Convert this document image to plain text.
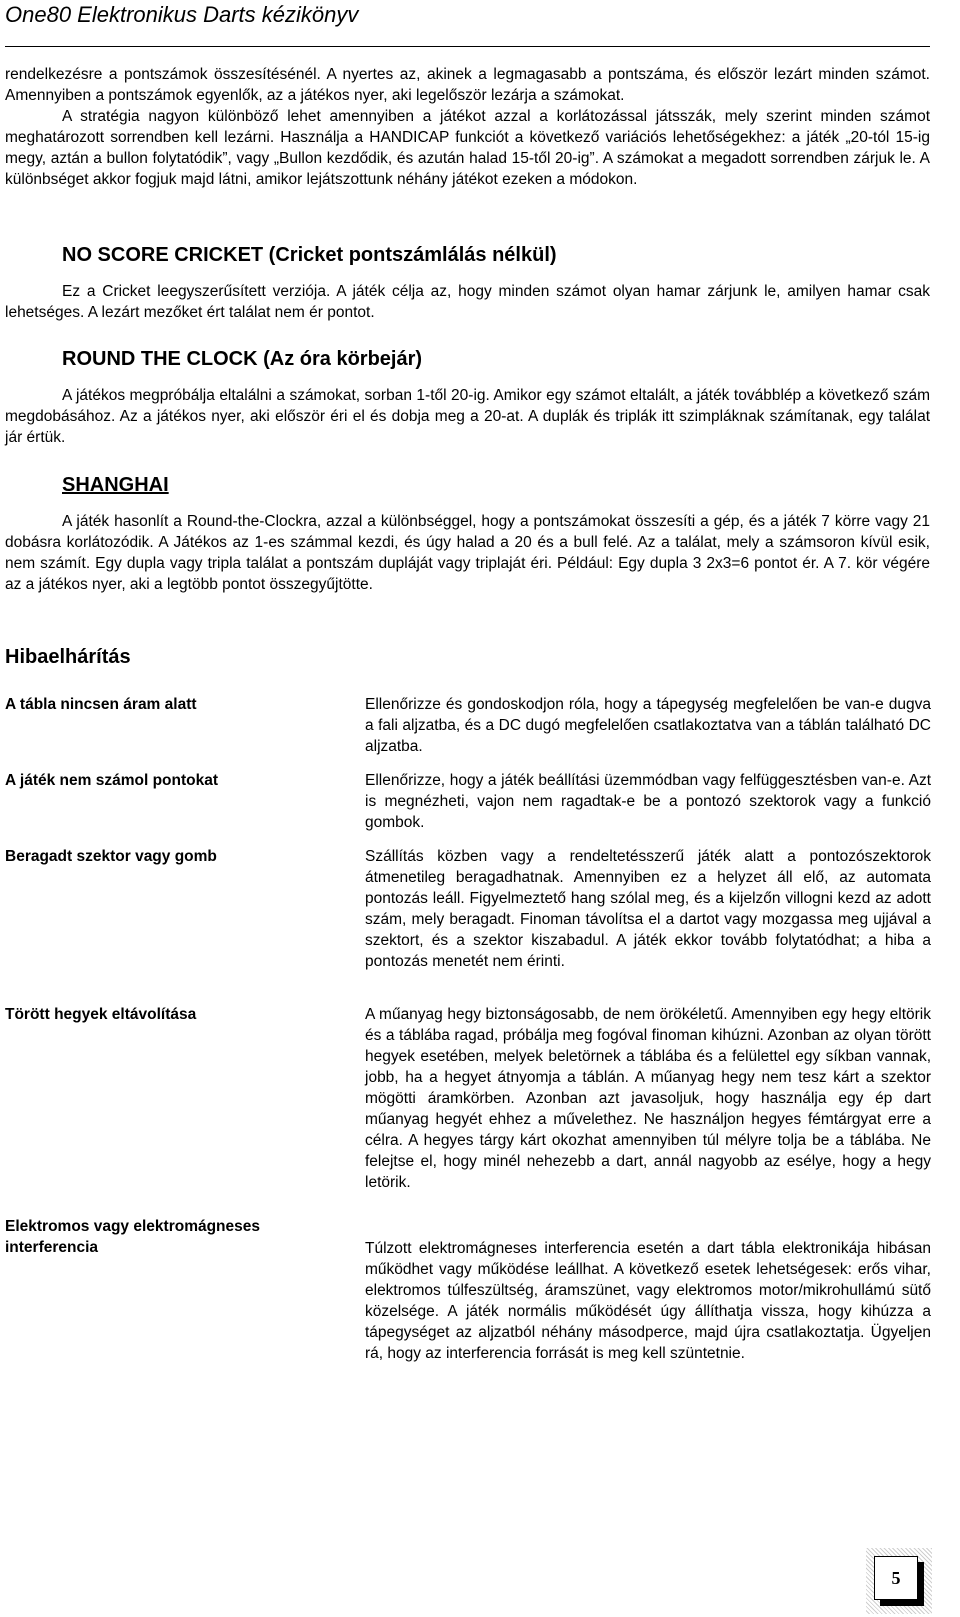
One80 Elektronikus Darts kézikönyv

rendelkezésre a pontszámok összesítésénél. A nyertes az, akinek a legmagasabb a pontszáma, és először lezárt minden számot. Amennyiben a pontszámok egyenlők, az a játékos nyer, aki legelőször lezárja a számokat.

A stratégia nagyon különböző lehet amennyiben a játékot azzal a korlátozással játsszák, mely szerint minden számot meghatározott sorrendben kell lezárni. Használja a HANDICAP funkciót a következő variációs lehetőségekhez: a játék „20-tól 15-ig megy, aztán a bullon folytatódik”, vagy „Bullon kezdődik, és azután halad 15-től 20-ig”. A számokat a megadott sorrendben zárjuk le. A különbséget akkor fogjuk majd látni, amikor lejátszottunk néhány játékot ezeken a módokon.

NO SCORE CRICKET (Cricket pontszámlálás nélkül)

Ez a Cricket leegyszerűsített verziója. A játék célja az, hogy minden számot olyan hamar zárjunk le, amilyen hamar csak lehetséges. A lezárt mezőket ért találat nem ér pontot.

ROUND THE CLOCK (Az óra körbejár)

A játékos megpróbálja eltalálni a számokat, sorban 1-től 20-ig. Amikor egy számot eltalált, a játék továbblép a következő szám megdobásához. Az a játékos nyer, aki először éri el és dobja meg a 20-at. A duplák és triplák itt szimpláknak számítanak, egy találat jár értük.

SHANGHAI

A játék hasonlít a Round-the-Clockra, azzal a különbséggel, hogy a pontszámokat összesíti a gép, és a játék 7 körre vagy 21 dobásra korlátozódik. A Játékos az 1-es számmal kezdi, és úgy halad a 20 és a bull felé. Az a találat, mely a számsoron kívül esik, nem számít. Egy dupla vagy tripla találat a pontszám dupláját vagy triplaját éri. Például: Egy dupla 3 2x3=6 pontot ér. A 7. kör végére az a játékos nyer, aki a legtöbb pontot összegyűjtötte.

Hibaelhárítás
A tábla nincsen áram alatt	Ellenőrizze és gondoskodjon róla, hogy a tápegység megfelelően be van-e dugva a fali aljzatba, és a DC dugó megfelelően csatlakoztatva van a táblán található DC aljzatba.
A játék nem számol pontokat	Ellenőrizze, hogy a játék beállítási üzemmódban vagy felfüggesztésben van-e. Azt is megnézheti, vajon nem ragadtak-e be a pontozó szektorok vagy a funkció gombok.
Beragadt szektor vagy gomb	Szállítás közben vagy a rendeltetésszerű játék alatt a pontozószektorok átmenetileg beragadhatnak. Amennyiben ez a helyzet áll elő, az automata pontozás leáll. Figyelmeztető hang szólal meg, és a kijelzőn villogni kezd az adott szám, mely beragadt. Finoman távolítsa el a dartot vagy mozgassa meg ujjával a szektort, és a szektor kiszabadul. A játék ekkor tovább folytatódhat; a hiba a pontozás menetét nem érinti.
Törött hegyek eltávolítása	A műanyag hegy biztonságosabb, de nem örökéletű. Amennyiben egy hegy eltörik és a táblába ragad, próbálja meg fogóval finoman kihúzni. Azonban az olyan törött hegyek esetében, melyek beletörnek a táblába és a felülettel egy síkban vannak, jobb, ha a hegyet átnyomja a táblán. A műanyag hegy nem tesz kárt a szektor mögötti áramkörben. Azonban azt javasoljuk, hogy használja egy ép dart műanyag hegyét ehhez a művelethez. Ne használjon hegyes fémtárgyat erre a célra. A hegyes tárgy kárt okozhat amennyiben túl mélyre tolja be a táblába. Ne felejtse el, hogy minél nehezebb a dart, annál nagyobb az esélye, hogy a hegy letörik.
Elektromos vagy elektromágneses interferencia	Túlzott elektromágneses interferencia esetén a dart tábla elektronikája hibásan működhet vagy működése leállhat. A következő esetek lehetségesek: erős vihar, elektromos túlfeszültség, áramszünet, vagy elektromos motor/mikrohullámú sütő közelsége. A játék normális működését úgy állíthatja vissza, hogy kihúzza a tápegységet az aljzatból néhány másodperce, majd újra csatlakoztatja. Ügyeljen rá, hogy az interferencia forrását is meg kell szüntetnie.
5
